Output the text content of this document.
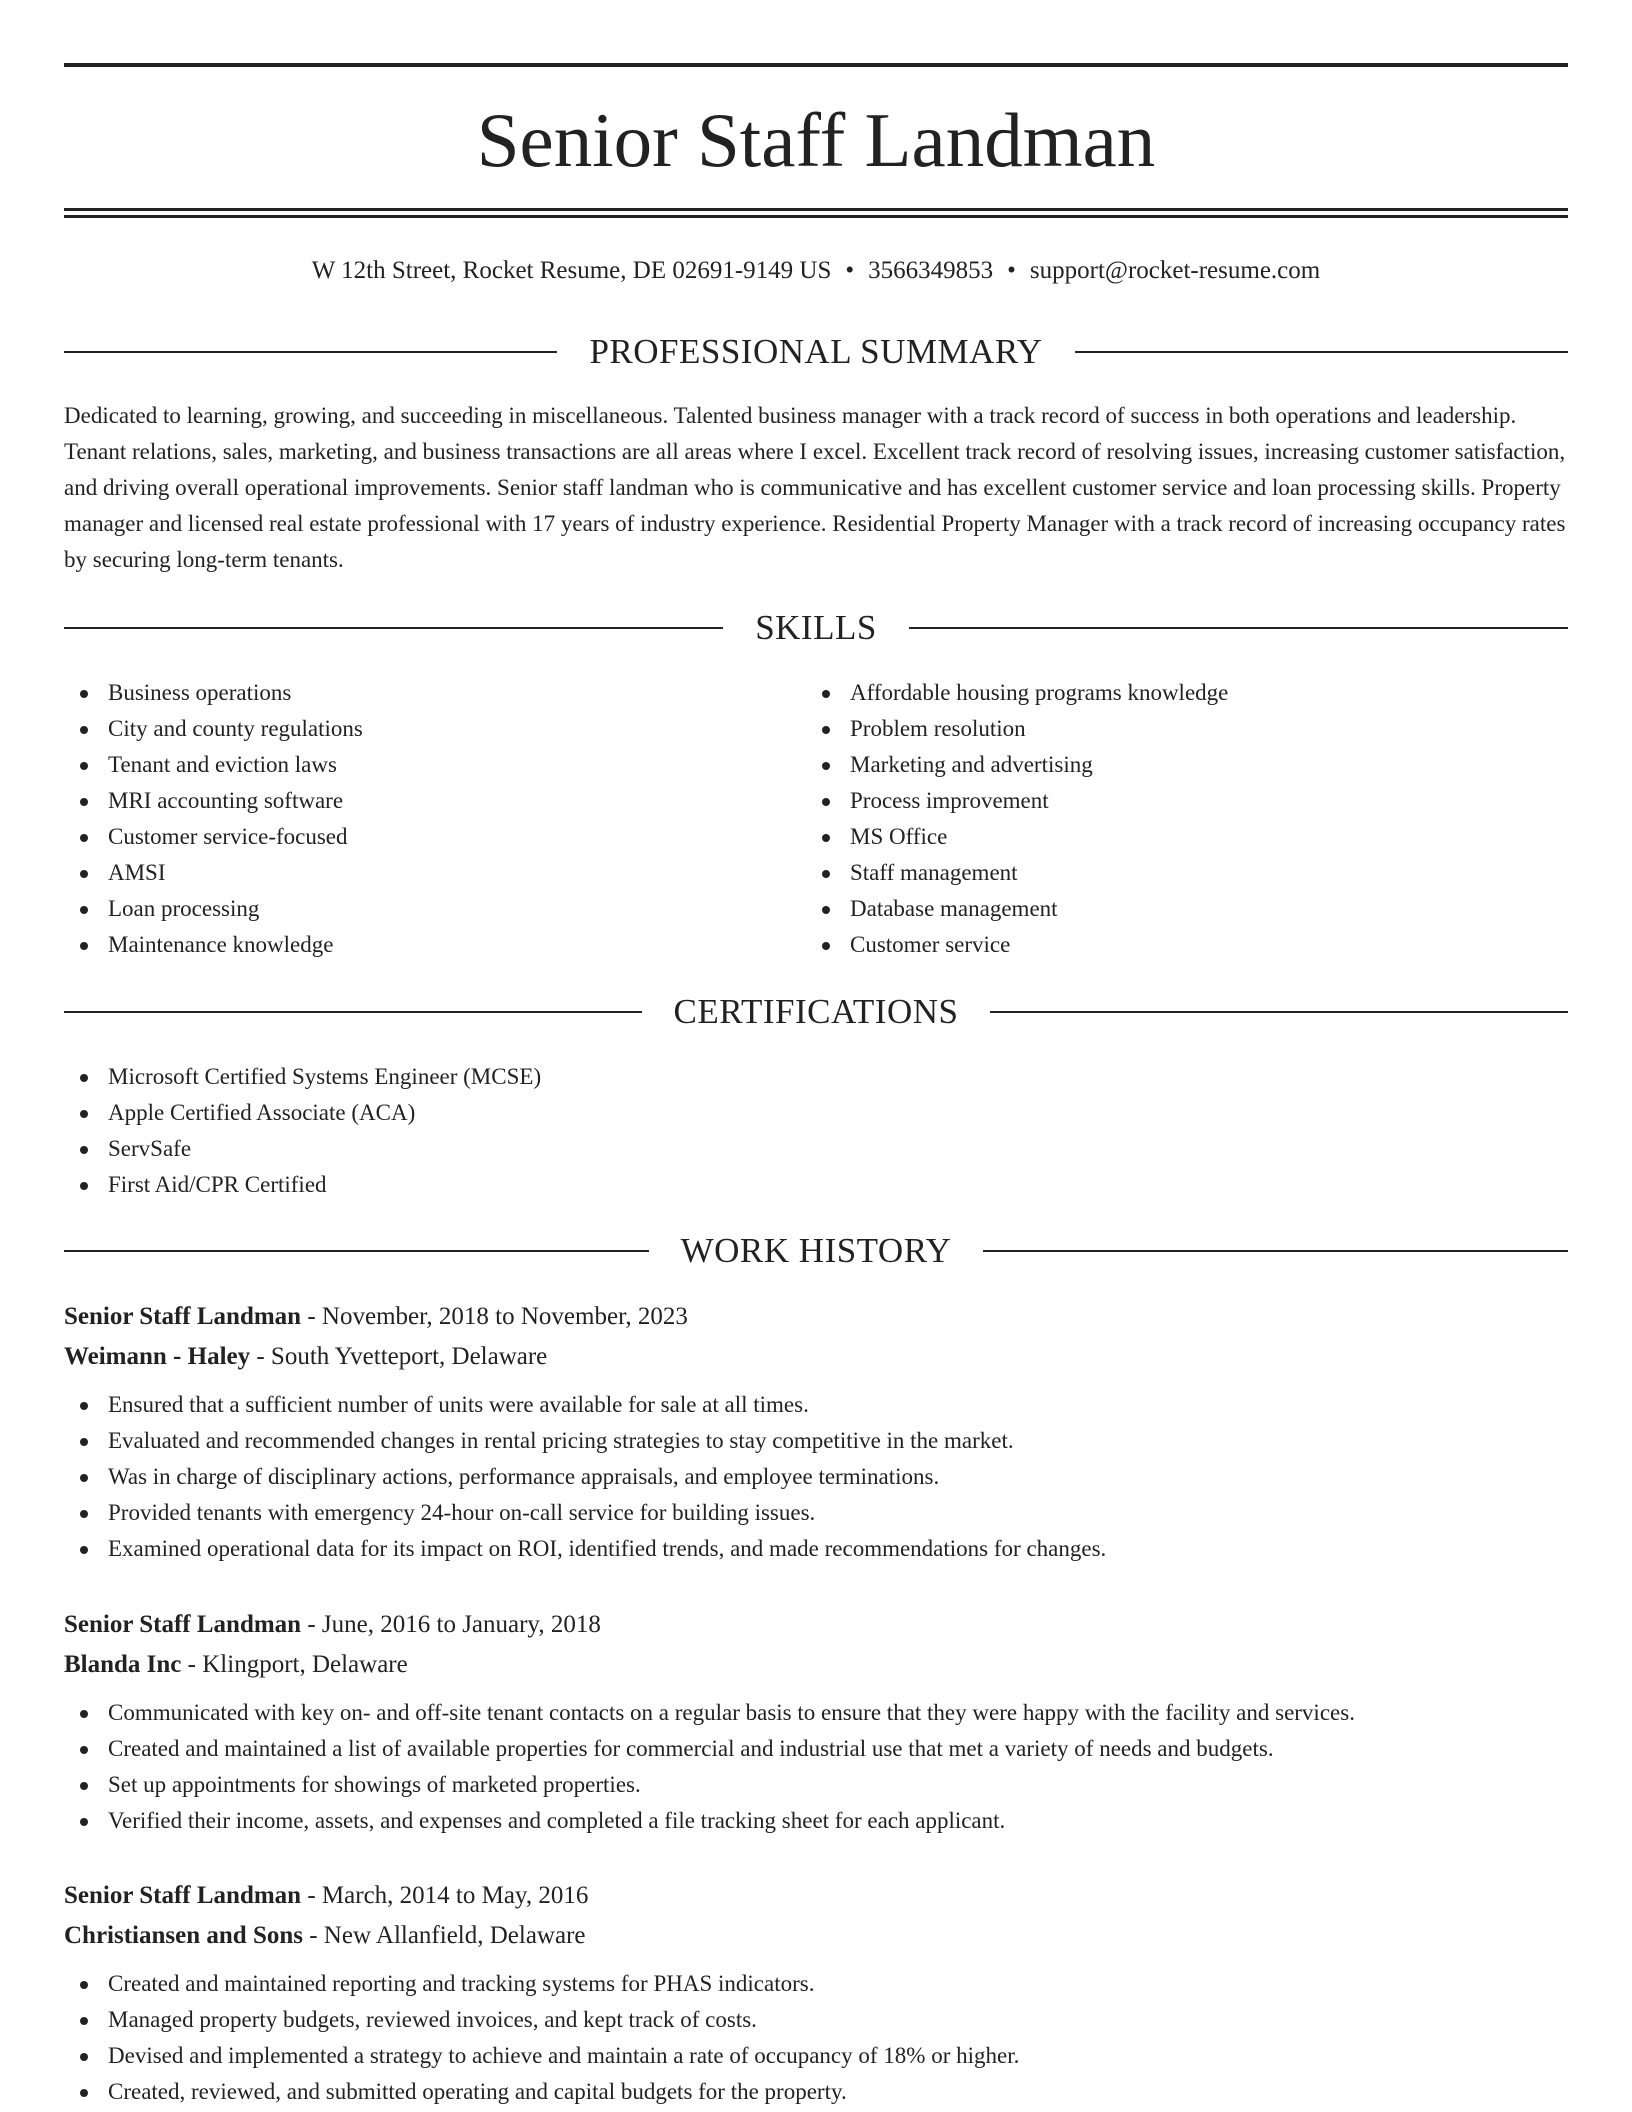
Senior Staff Landman
W 12th Street, Rocket Resume, DE 02691-9149 US • 3566349853 • support@rocket-resume.com
PROFESSIONAL SUMMARY

Dedicated to learning, growing, and succeeding in miscellaneous. Talented business manager with a track record of success in both operations and leadership. Tenant relations, sales, marketing, and business transactions are all areas where I excel. Excellent track record of resolving issues, increasing customer satisfaction, and driving overall operational improvements. Senior staff landman who is communicative and has excellent customer service and loan processing skills. Property manager and licensed real estate professional with 17 years of industry experience. Residential Property Manager with a track record of increasing occupancy rates by securing long-term tenants.

SKILLS
Business operations
City and county regulations
Tenant and eviction laws
MRI accounting software
Customer service-focused
AMSI
Loan processing
Maintenance knowledge
Affordable housing programs knowledge
Problem resolution
Marketing and advertising
Process improvement
MS Office
Staff management
Database management
Customer service
CERTIFICATIONS
Microsoft Certified Systems Engineer (MCSE)
Apple Certified Associate (ACA)
ServSafe
First Aid/CPR Certified
WORK HISTORY
Senior Staff Landman - November, 2018 to November, 2023
Weimann - Haley - South Yvetteport, Delaware
Ensured that a sufficient number of units were available for sale at all times.
Evaluated and recommended changes in rental pricing strategies to stay competitive in the market.
Was in charge of disciplinary actions, performance appraisals, and employee terminations.
Provided tenants with emergency 24-hour on-call service for building issues.
Examined operational data for its impact on ROI, identified trends, and made recommendations for changes.
Senior Staff Landman - June, 2016 to January, 2018
Blanda Inc - Klingport, Delaware
Communicated with key on- and off-site tenant contacts on a regular basis to ensure that they were happy with the facility and services.
Created and maintained a list of available properties for commercial and industrial use that met a variety of needs and budgets.
Set up appointments for showings of marketed properties.
Verified their income, assets, and expenses and completed a file tracking sheet for each applicant.
Senior Staff Landman - March, 2014 to May, 2016
Christiansen and Sons - New Allanfield, Delaware
Created and maintained reporting and tracking systems for PHAS indicators.
Managed property budgets, reviewed invoices, and kept track of costs.
Devised and implemented a strategy to achieve and maintain a rate of occupancy of 18% or higher.
Created, reviewed, and submitted operating and capital budgets for the property.
